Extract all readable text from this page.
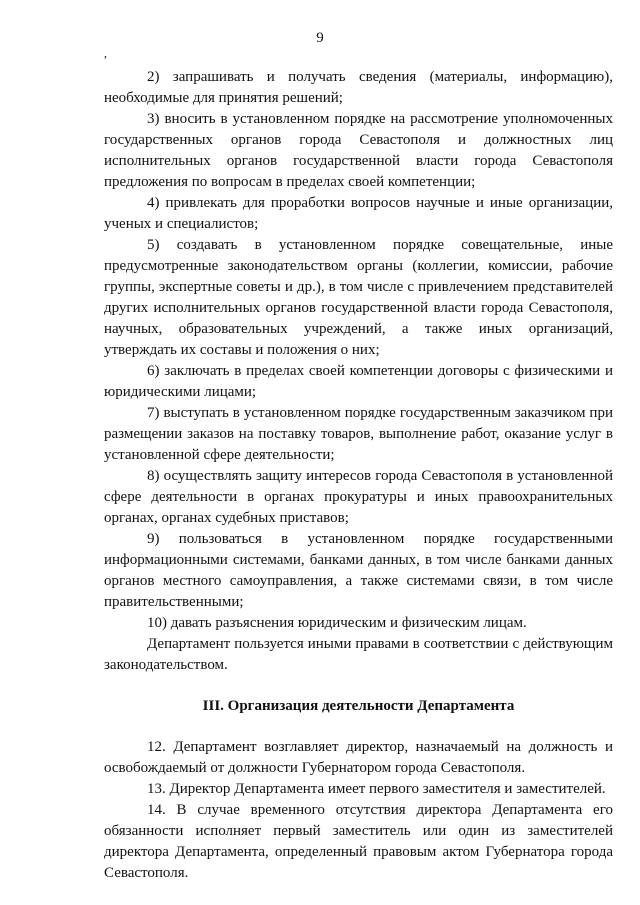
9
,

2) запрашивать и получать сведения (материалы, информацию), необходимые для принятия решений;

3) вносить в установленном порядке на рассмотрение уполномоченных государственных органов города Севастополя и должностных лиц исполнительных органов государственной власти города Севастополя предложения по вопросам в пределах своей компетенции;

4) привлекать для проработки вопросов научные и иные организации, ученых и специалистов;

5) создавать в установленном порядке совещательные, иные предусмотренные законодательством органы (коллегии, комиссии, рабочие группы, экспертные советы и др.), в том числе с привлечением представителей других исполнительных органов государственной власти города Севастополя, научных, образовательных учреждений, а также иных организаций, утверждать их составы и положения о них;

6) заключать в пределах своей компетенции договоры с физическими и юридическими лицами;

7) выступать в установленном порядке государственным заказчиком при размещении заказов на поставку товаров, выполнение работ, оказание услуг в установленной сфере деятельности;

8) осуществлять защиту интересов города Севастополя в установленной сфере деятельности в органах прокуратуры и иных правоохранительных органах, органах судебных приставов;

9) пользоваться в установленном порядке государственными информационными системами, банками данных, в том числе банками данных органов местного самоуправления, а также системами связи, в том числе правительственными;

10) давать разъяснения юридическим и физическим лицам.

Департамент пользуется иными правами в соответствии с действующим законодательством.

III. Организация деятельности Департамента

12. Департамент возглавляет директор, назначаемый на должность и освобождаемый от должности Губернатором города Севастополя.

13. Директор Департамента имеет первого заместителя и заместителей.

14. В случае временного отсутствия директора Департамента его обязанности исполняет первый заместитель или один из заместителей директора Департамента, определенный правовым актом Губернатора города Севастополя.
